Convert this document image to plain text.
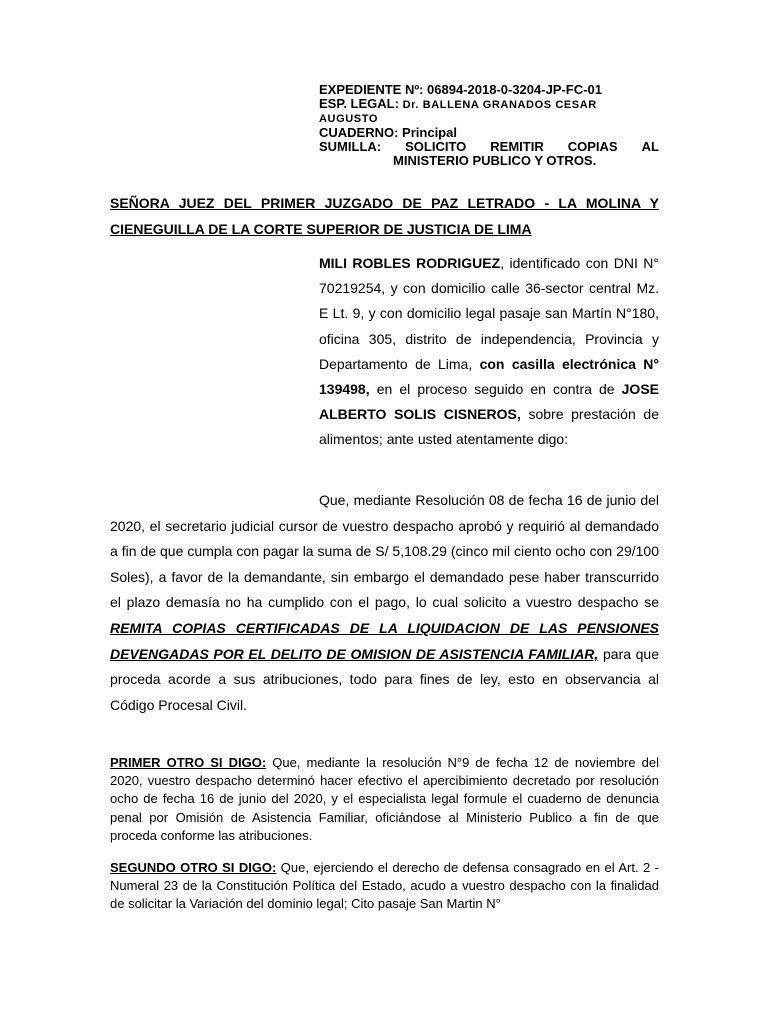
EXPEDIENTE Nº: 06894-2018-0-3204-JP-FC-01
ESP. LEGAL: Dr. BALLENA GRANADOS CESAR
AUGUSTO
CUADERNO: Principal
SUMILLA: SOLICITO REMITIR COPIAS AL
MINISTERIO PUBLICO Y OTROS.
SEÑORA JUEZ DEL PRIMER JUZGADO DE PAZ LETRADO - LA MOLINA Y
CIENEGUILLA DE LA CORTE SUPERIOR DE JUSTICIA DE LIMA
MILI ROBLES RODRIGUEZ, identificado con DNI N° 70219254, y con domicilio calle 36-sector central Mz. E Lt. 9, y con domicilio legal pasaje san Martín N°180, oficina 305, distrito de independencia, Provincia y Departamento de Lima, con casilla electrónica N° 139498, en el proceso seguido en contra de JOSE ALBERTO SOLIS CISNEROS, sobre prestación de alimentos; ante usted atentamente digo:
Que, mediante Resolución 08 de fecha 16 de junio del 2020, el secretario judicial cursor de vuestro despacho aprobó y requirió al demandado a fin de que cumpla con pagar la suma de S/ 5,108.29 (cinco mil ciento ocho con 29/100 Soles), a favor de la demandante, sin embargo el demandado pese haber transcurrido el plazo demasía no ha cumplido con el pago, lo cual solicito a vuestro despacho se REMITA COPIAS CERTIFICADAS DE LA LIQUIDACION DE LAS PENSIONES DEVENGADAS POR EL DELITO DE OMISION DE ASISTENCIA FAMILIAR, para que proceda acorde a sus atribuciones, todo para fines de ley, esto en observancia al Código Procesal Civil.
PRIMER OTRO SI DIGO: Que, mediante la resolución N°9 de fecha 12 de noviembre del 2020, vuestro despacho determinó hacer efectivo el apercibimiento decretado por resolución ocho de fecha 16 de junio del 2020, y el especialista legal formule el cuaderno de denuncia penal por Omisión de Asistencia Familiar, oficiándose al Ministerio Publico a fin de que proceda conforme las atribuciones.
SEGUNDO OTRO SI DIGO: Que, ejerciendo el derecho de defensa consagrado en el Art. 2 - Numeral 23 de la Constitución Política del Estado, acudo a vuestro despacho con la finalidad de solicitar la Variación del dominio legal; Cito pasaje San Martin N°
